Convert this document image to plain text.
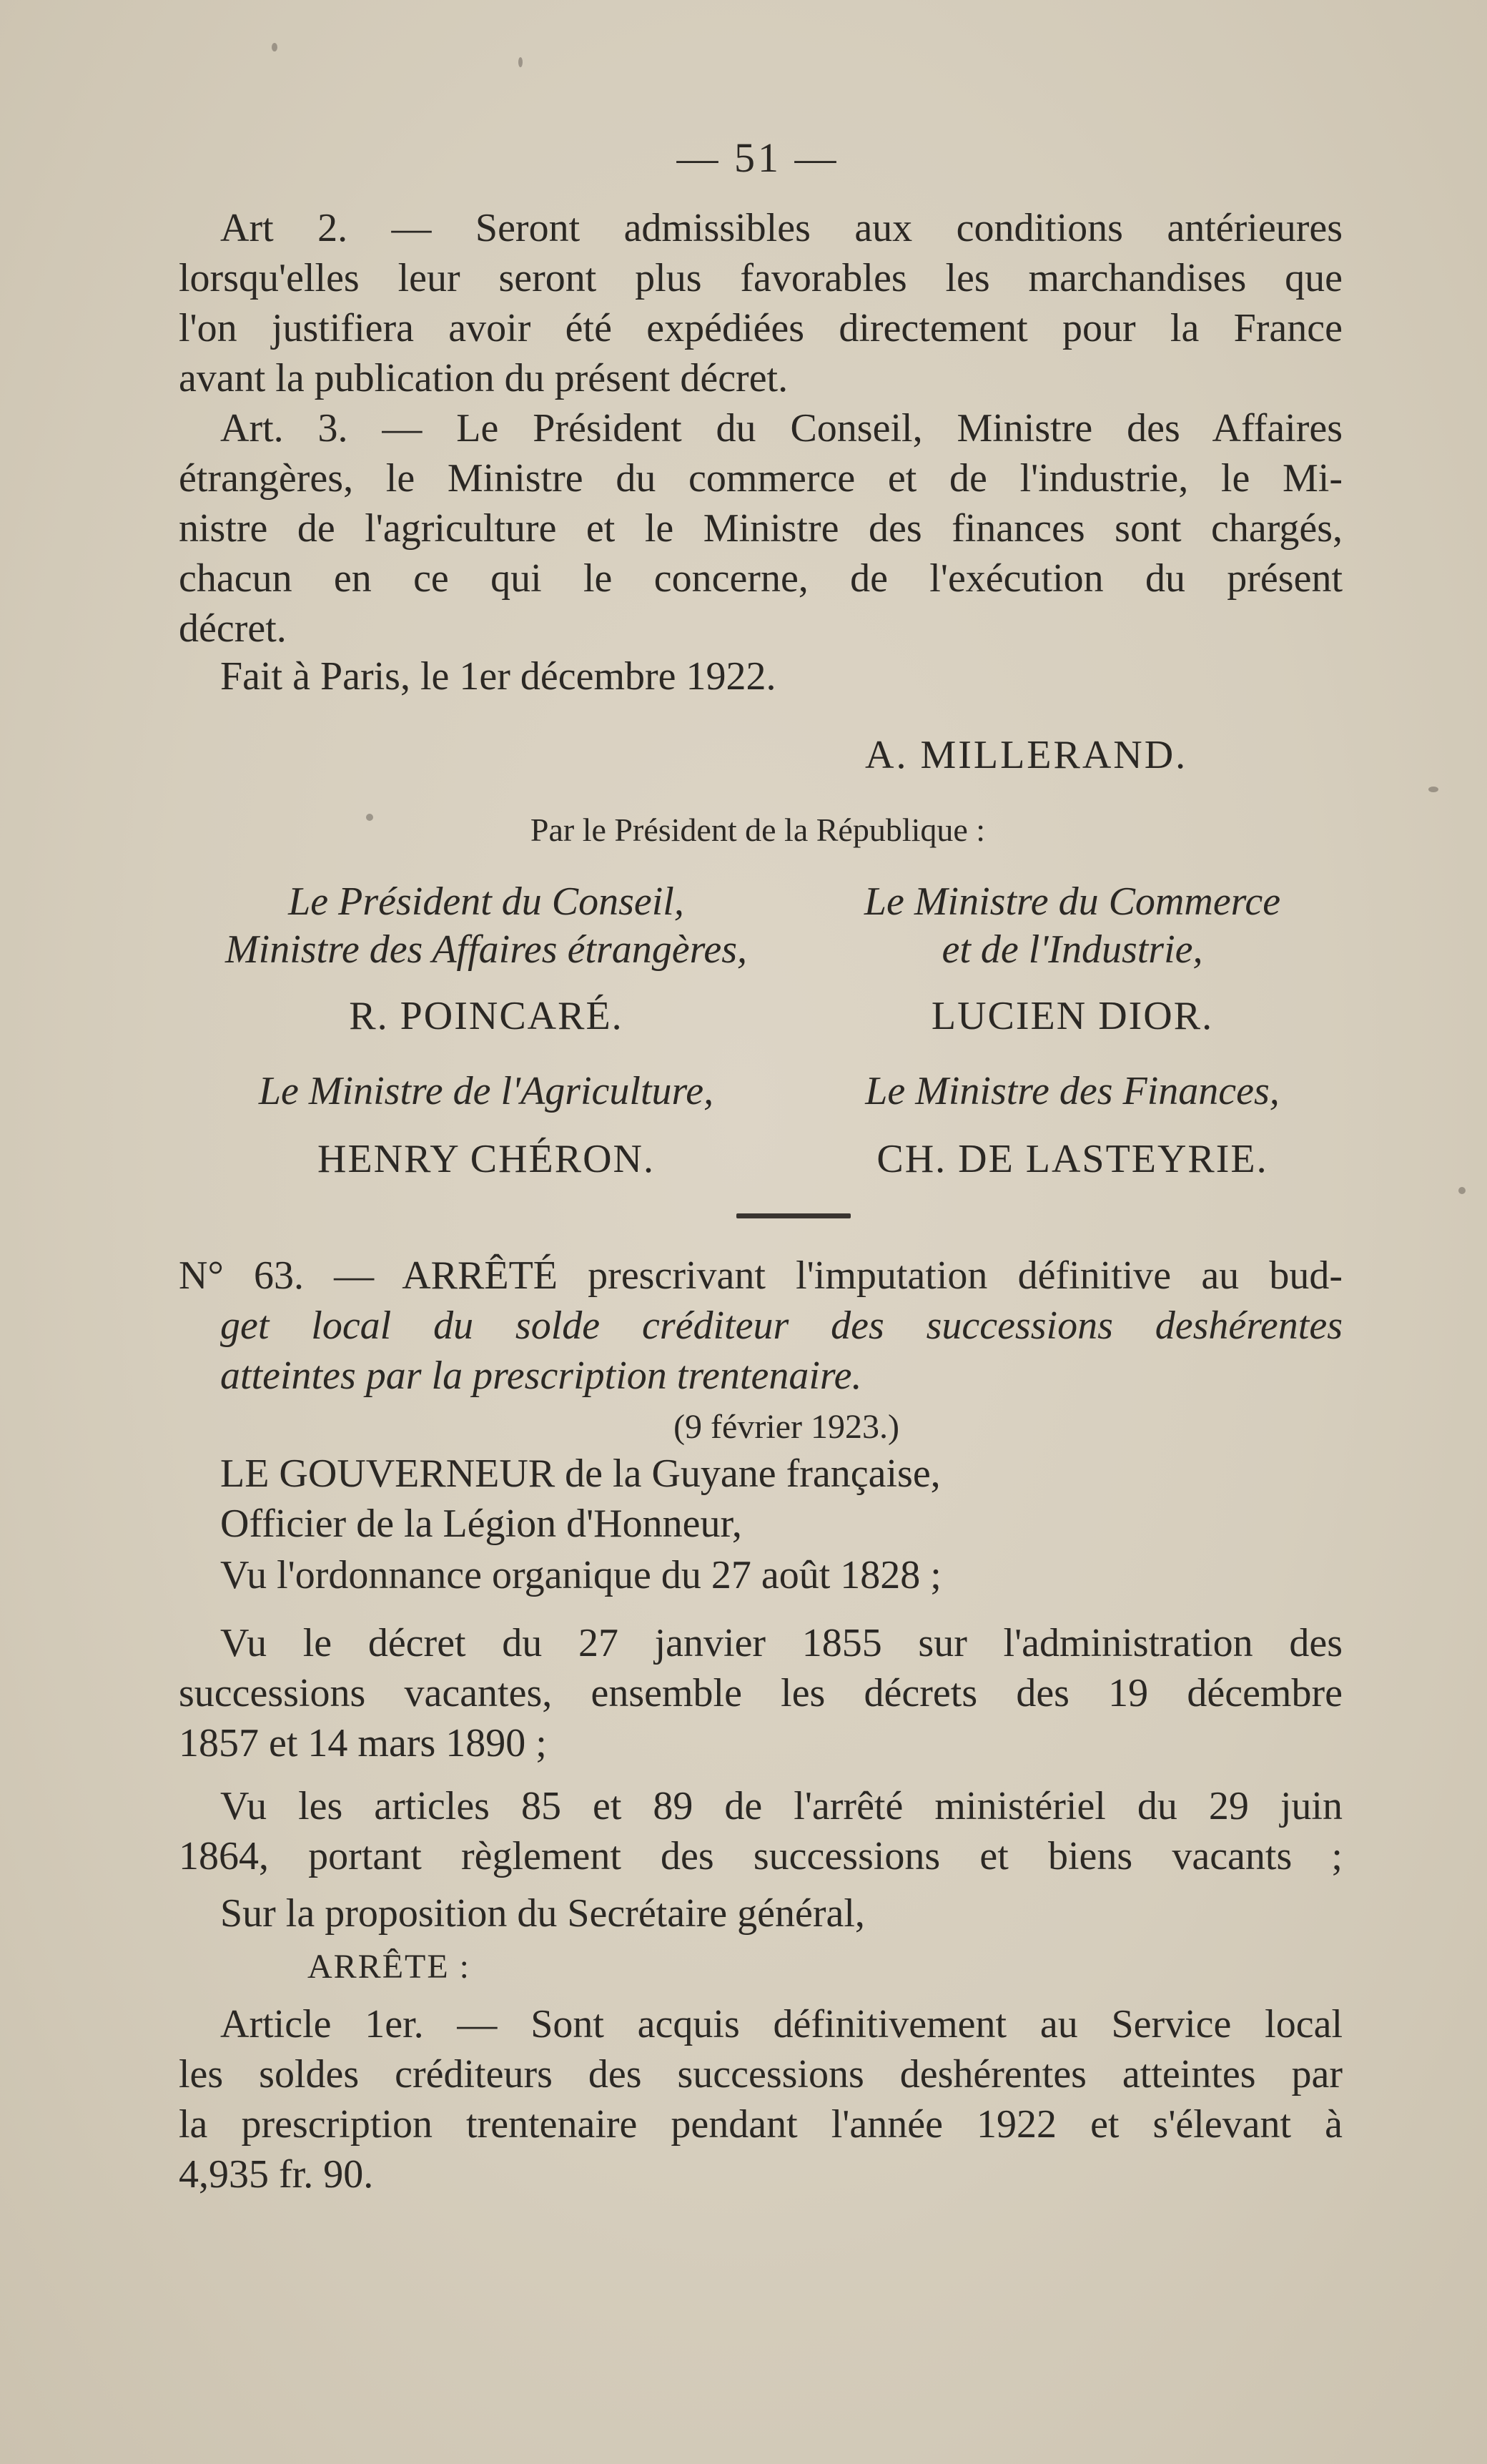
— 51 —
Art 2. — Seront admissibles aux conditions antérieures
lorsqu'elles leur seront plus favorables les marchandises que
l'on justifiera avoir été expédiées directement pour la France
avant la publication du présent décret.
Art. 3. — Le Président du Conseil, Ministre des Affaires
étrangères, le Ministre du commerce et de l'industrie, le Mi-
nistre de l'agriculture et le Ministre des finances sont chargés,
chacun en ce qui le concerne, de l'exécution du présent
décret.
Fait à Paris, le 1er décembre 1922.
A. MILLERAND.
Par le Président de la République :
Le Président du Conseil,
Ministre des Affaires étrangères,
R. POINCARÉ.
Le Ministre du Commerce
et de l'Industrie,
LUCIEN DIOR.
Le Ministre de l'Agriculture,
HENRY CHÉRON.
Le Ministre des Finances,
CH. DE LASTEYRIE.
N° 63. — ARRÊTÉ prescrivant l'imputation définitive au bud-
get local du solde créditeur des successions deshérentes
atteintes par la prescription trentenaire.
(9 février 1923.)
LE GOUVERNEUR de la Guyane française,
Officier de la Légion d'Honneur,
Vu l'ordonnance organique du 27 août 1828 ;
Vu le décret du 27 janvier 1855 sur l'administration des
successions vacantes, ensemble les décrets des 19 décembre
1857 et 14 mars 1890 ;
Vu les articles 85 et 89 de l'arrêté ministériel du 29 juin
1864, portant règlement des successions et biens vacants ;
Sur la proposition du Secrétaire général,
ARRÊTE :
Article 1er. — Sont acquis définitivement au Service local
les soldes créditeurs des successions deshérentes atteintes par
la prescription trentenaire pendant l'année 1922 et s'élevant à
4,935 fr. 90.
